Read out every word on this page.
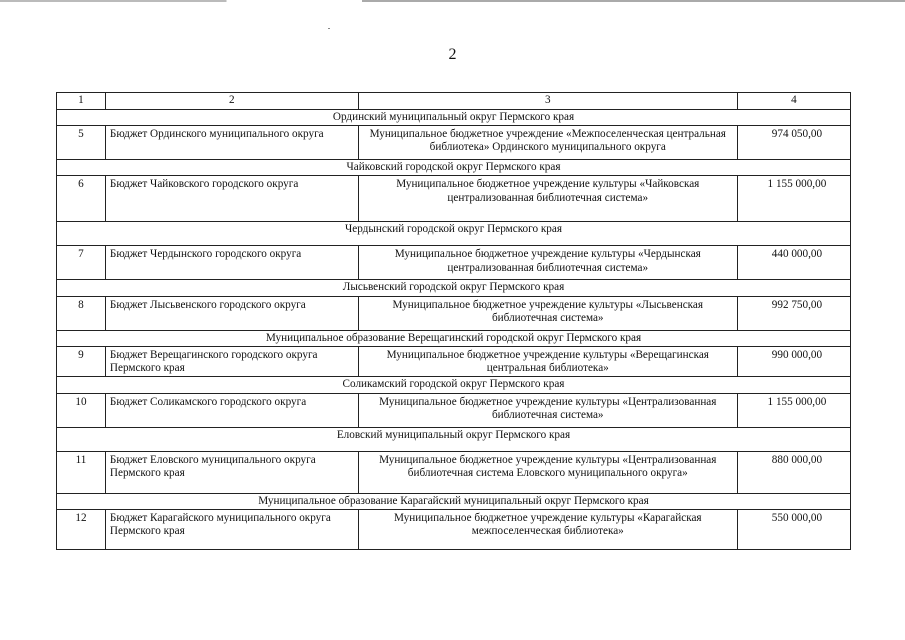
2
1	2	3	4
Ординский муниципальный округ Пермского края			
5	Бюджет Ординского муниципального округа	Муниципальное бюджетное учреждение «Межпоселенческая центральная библиотека» Ординского муниципального округа	974 050,00
Чайковский городской округ Пермского края			
6	Бюджет Чайковского городского округа	Муниципальное бюджетное учреждение культуры «Чайковская централизованная библиотечная система»	1 155 000,00
Чердынский городской округ Пермского края			
7	Бюджет Чердынского городского округа	Муниципальное бюджетное учреждение культуры «Чердынская централизованная библиотечная система»	440 000,00
Лысьвенский городской округ Пермского края			
8	Бюджет Лысьвенского городского округа	Муниципальное бюджетное учреждение культуры «Лысьвенская библиотечная система»	992 750,00
Муниципальное образование Верещагинский городской округ Пермского края			
9	Бюджет Верещагинского городского округа Пермского края	Муниципальное бюджетное учреждение культуры «Верещагинская центральная библиотека»	990 000,00
Соликамский городской округ Пермского края			
10	Бюджет Соликамского городского округа	Муниципальное бюджетное учреждение культуры «Централизованная библиотечная система»	1 155 000,00
Еловский муниципальный округ Пермского края			
11	Бюджет Еловского муниципального округа Пермского края	Муниципальное бюджетное учреждение культуры «Централизованная библиотечная система Еловского муниципального округа»	880 000,00
Муниципальное образование Карагайский муниципальный округ Пермского края			
12	Бюджет Карагайского муниципального округа Пермского края	Муниципальное бюджетное учреждение культуры «Карагайская межпоселенческая библиотека»	550 000,00
